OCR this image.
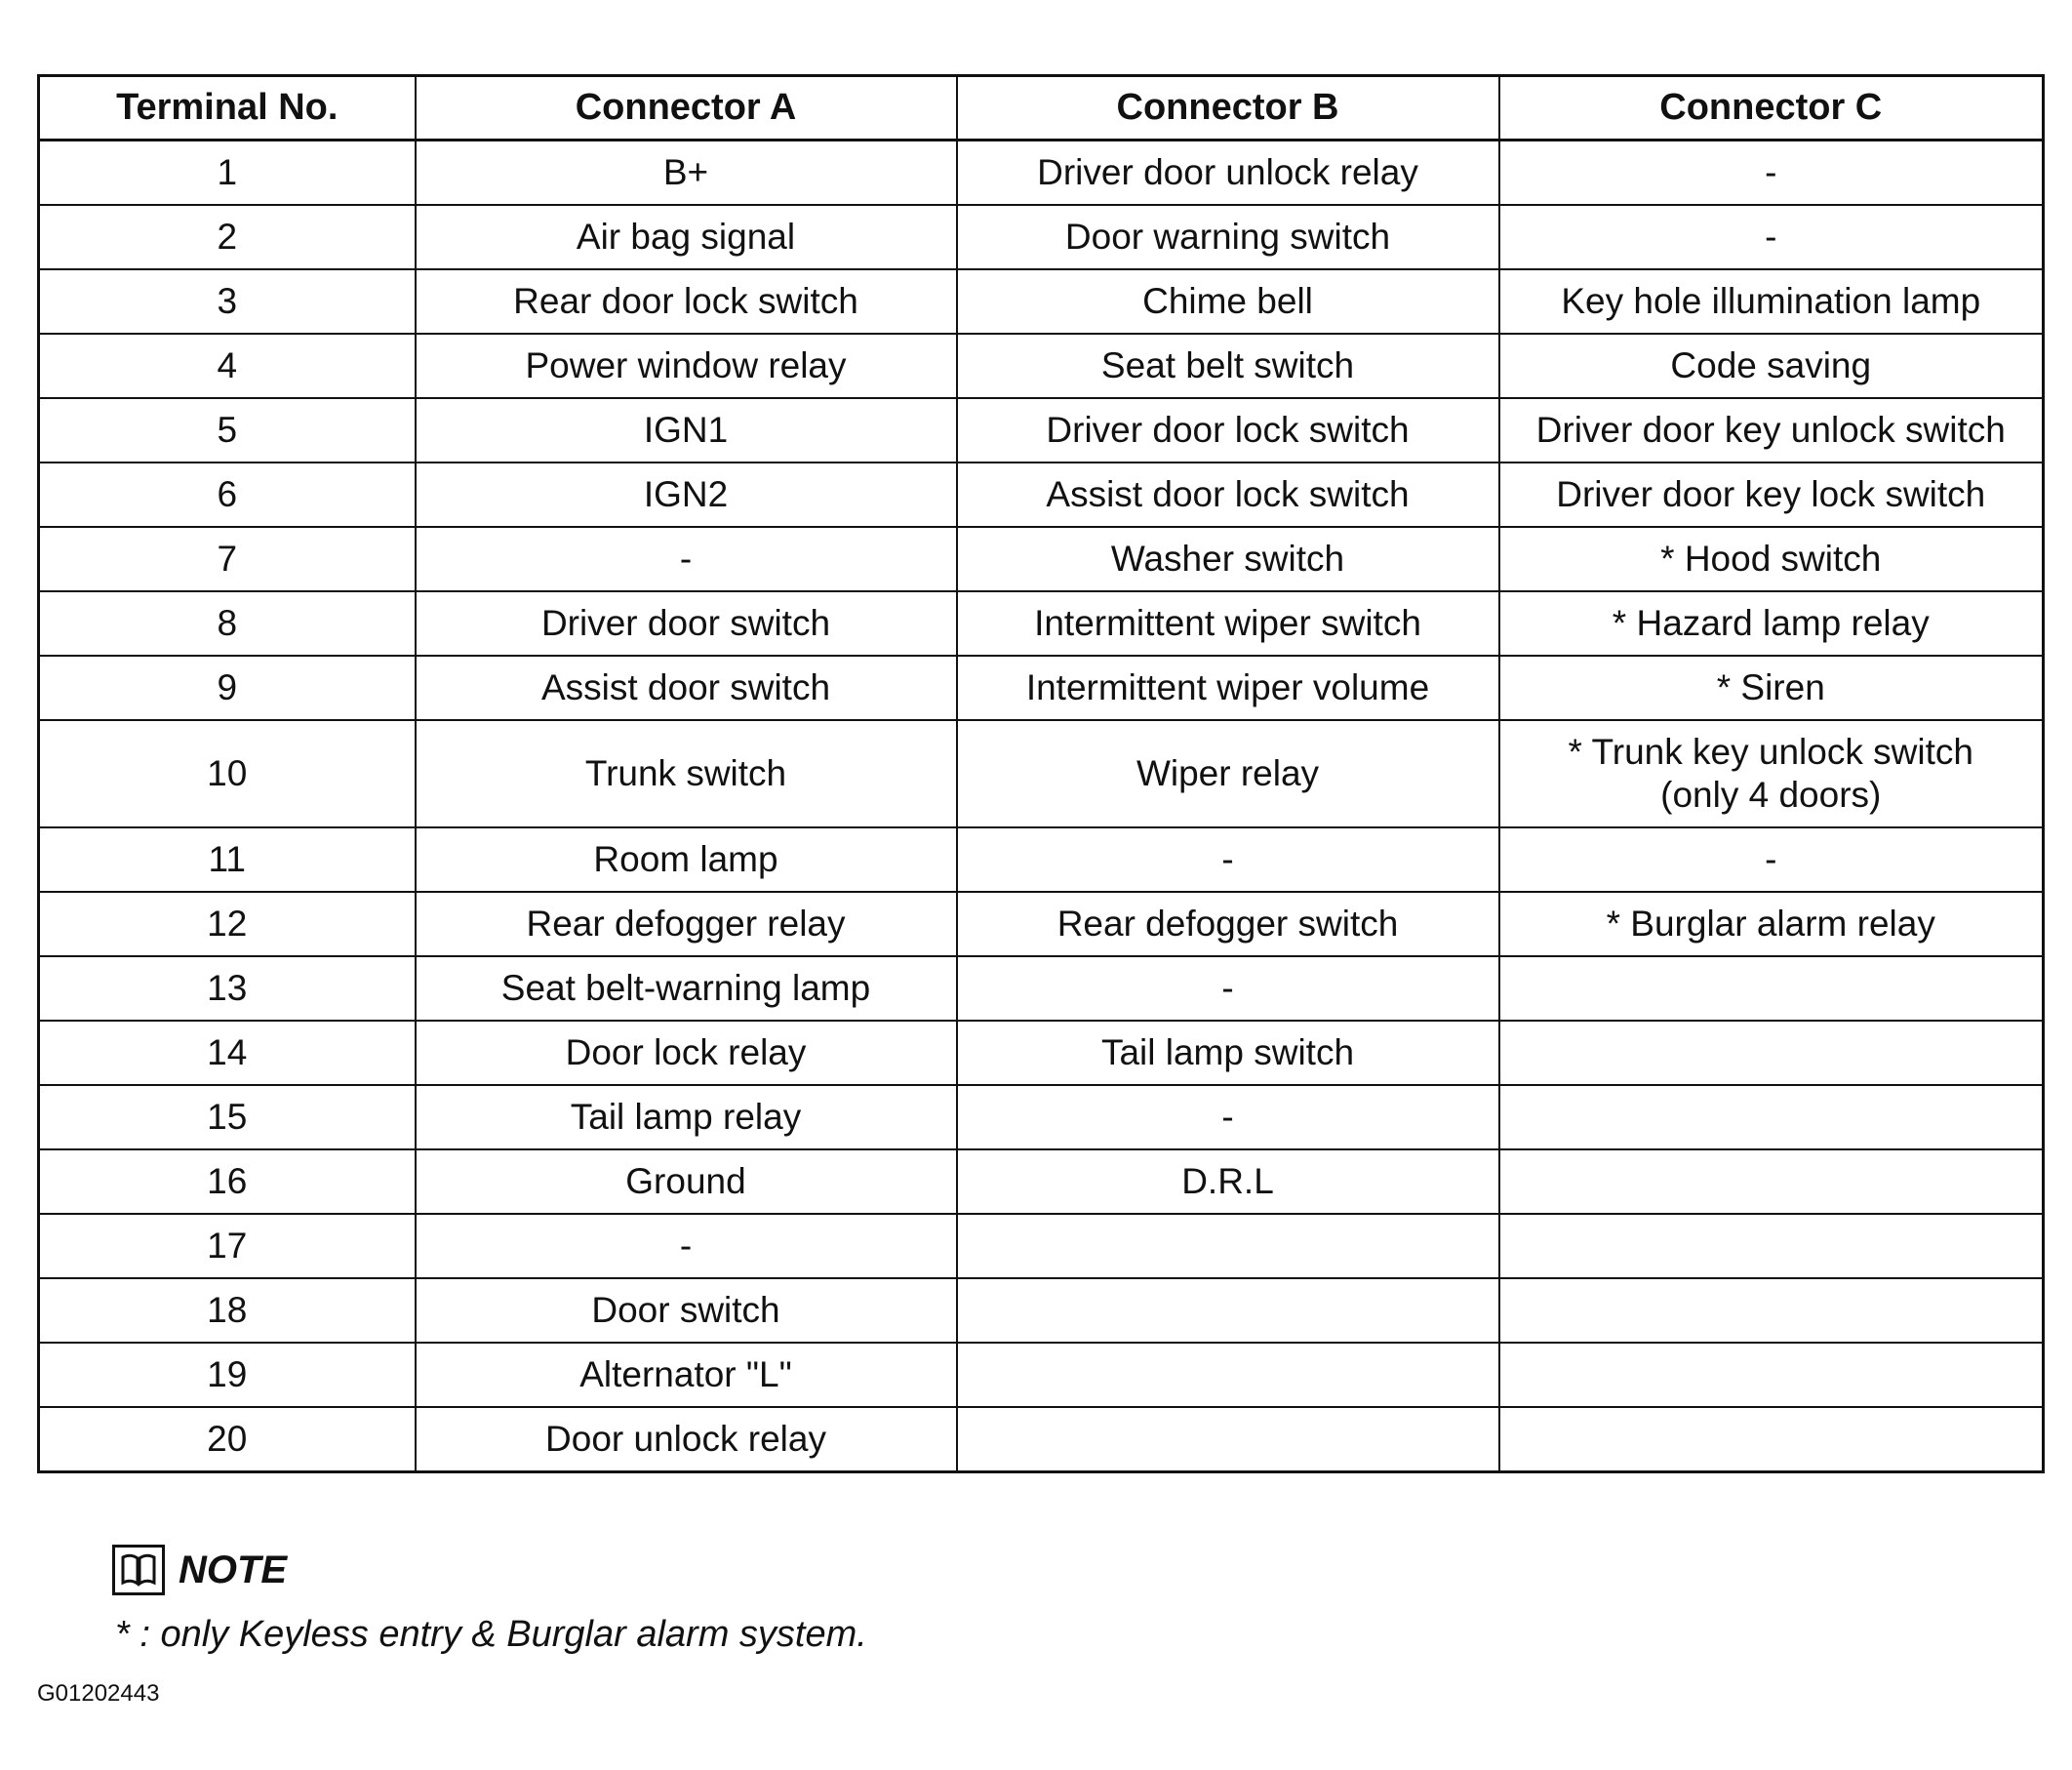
Terminal No.	Connector A	Connector B	Connector C
1	B+	Driver door unlock relay	-
2	Air bag signal	Door warning switch	-
3	Rear door lock switch	Chime bell	Key hole illumination lamp
4	Power window relay	Seat belt switch	Code saving
5	IGN1	Driver door lock switch	Driver door key unlock switch
6	IGN2	Assist door lock switch	Driver door key lock switch
7	-	Washer switch	* Hood switch
8	Driver door switch	Intermittent wiper switch	* Hazard lamp relay
9	Assist door switch	Intermittent wiper volume	* Siren
10	Trunk switch	Wiper relay	* Trunk key unlock switch
(only 4 doors)
11	Room lamp	-	-
12	Rear defogger relay	Rear defogger switch	* Burglar alarm relay
13	Seat belt-warning lamp	-	
14	Door lock relay	Tail lamp switch	
15	Tail lamp relay	-	
16	Ground	D.R.L	
17	-		
18	Door switch		
19	Alternator "L"		
20	Door unlock relay		
NOTE
* : only Keyless entry & Burglar alarm system.
G01202443
